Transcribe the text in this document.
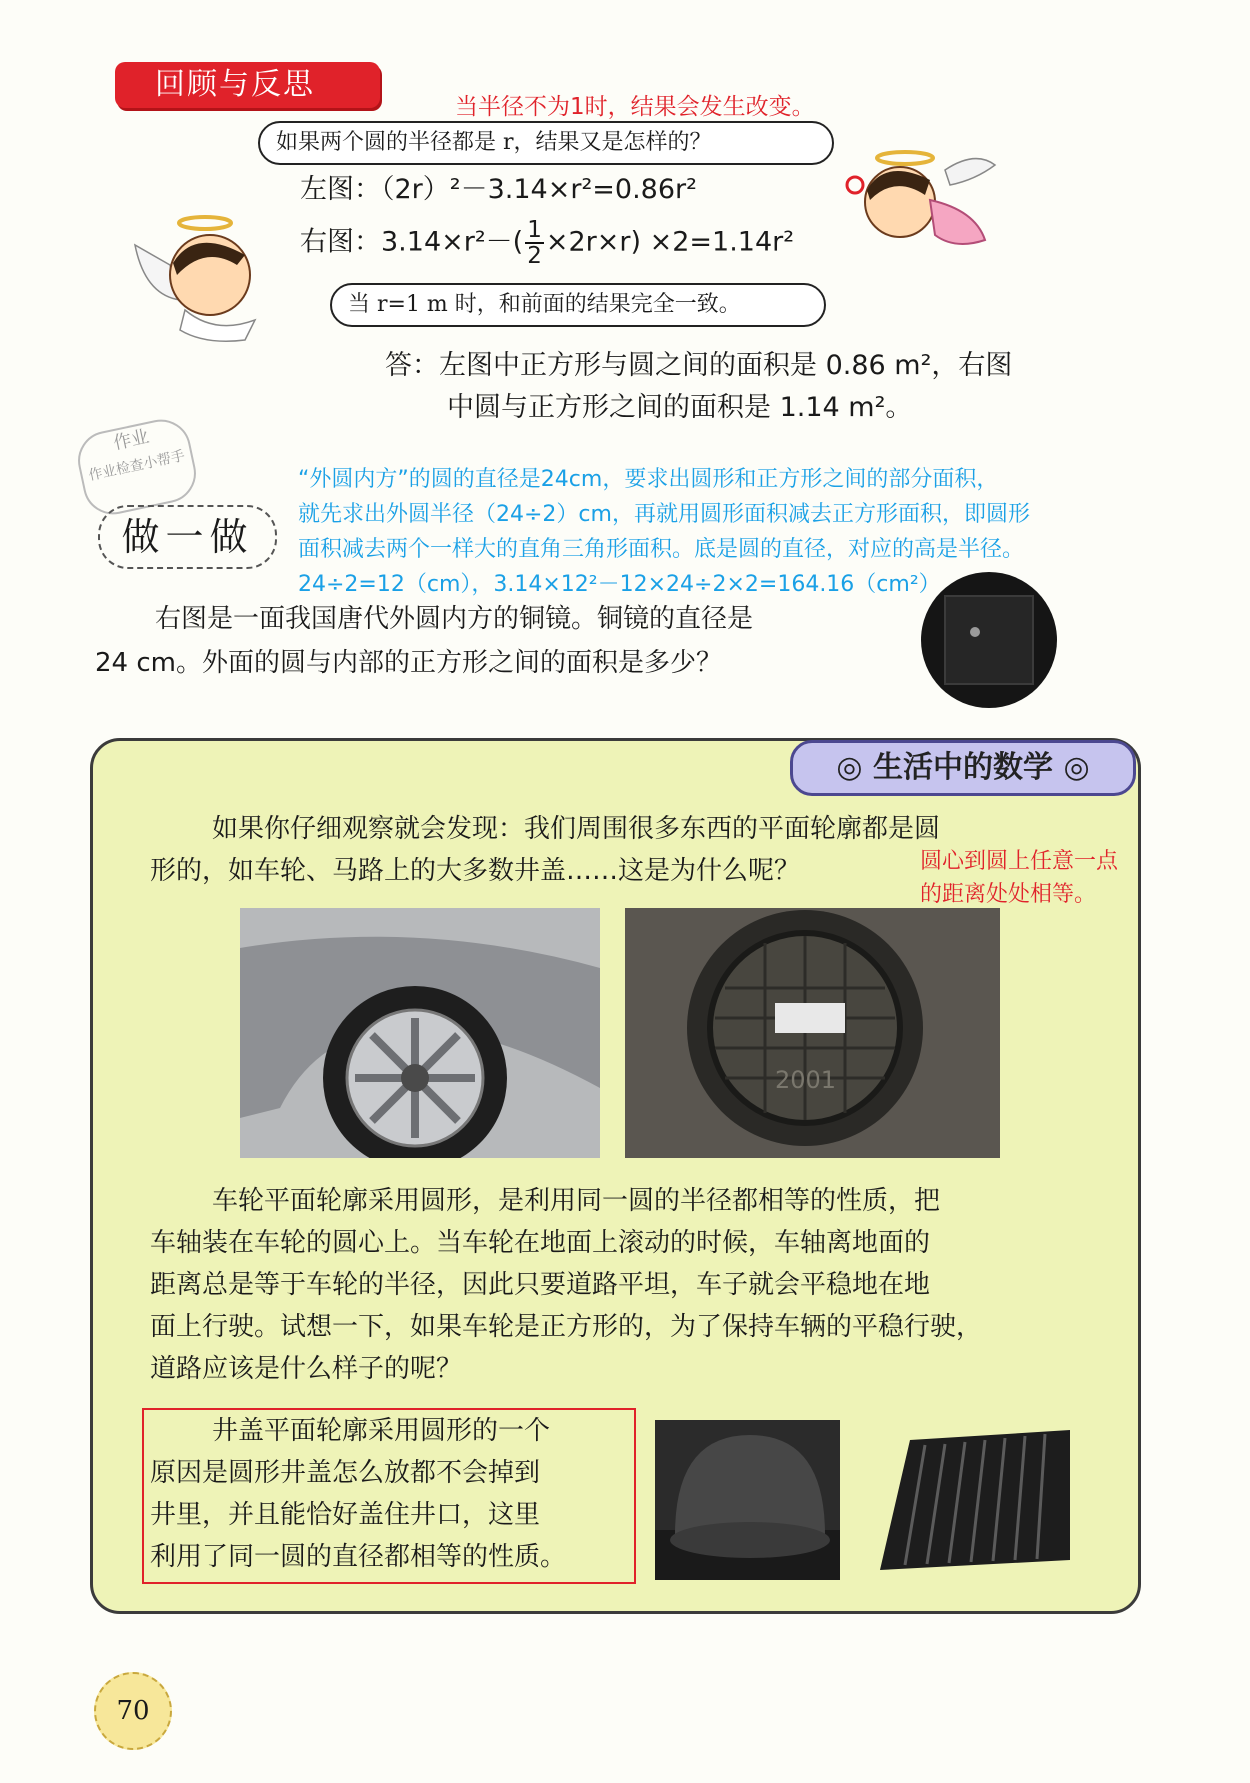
回顾与反思
当半径不为1时，结果会发生改变。
如果两个圆的半径都是 r，结果又是怎样的？
左图：（2r）²－3.14×r²=0.86r²
右图：$3.14\times r^2-( \frac{1}{2} \times 2r\times r) \times 2=1.14r^2$
当 r=1 m 时，和前面的结果完全一致。
答：左图中正方形与圆之间的面积是 0.86 m²，右图
中圆与正方形之间的面积是 1.14 m²。
作业
作业检查小帮手
做一做
“外圆内方”的圆的直径是24cm，要求出圆形和正方形之间的部分面积，
就先求出外圆半径（24÷2）cm，再就用圆形面积减去正方形面积，即圆形
面积减去两个一样大的直角三角形面积。底是圆的直径，对应的高是半径。
24÷2=12（cm），3.14×12²－12×24÷2×2=164.16（cm²）
右图是一面我国唐代外圆内方的铜镜。铜镜的直径是
24 cm。外面的圆与内部的正方形之间的面积是多少？
◎ 生活中的数学 ◎
如果你仔细观察就会发现：我们周围很多东西的平面轮廓都是圆
形的，如车轮、马路上的大多数井盖……这是为什么呢？	圆心到圆上任意一点
的距离处处相等。
2001
车轮平面轮廓采用圆形，是利用同一圆的半径都相等的性质，把
车轴装在车轮的圆心上。当车轮在地面上滚动的时候，车轴离地面的
距离总是等于车轮的半径，因此只要道路平坦，车子就会平稳地在地
面上行驶。试想一下，如果车轮是正方形的，为了保持车辆的平稳行驶，
道路应该是什么样子的呢？
井盖平面轮廓采用圆形的一个
原因是圆形井盖怎么放都不会掉到
井里，并且能恰好盖住井口，这里
利用了同一圆的直径都相等的性质。
70
